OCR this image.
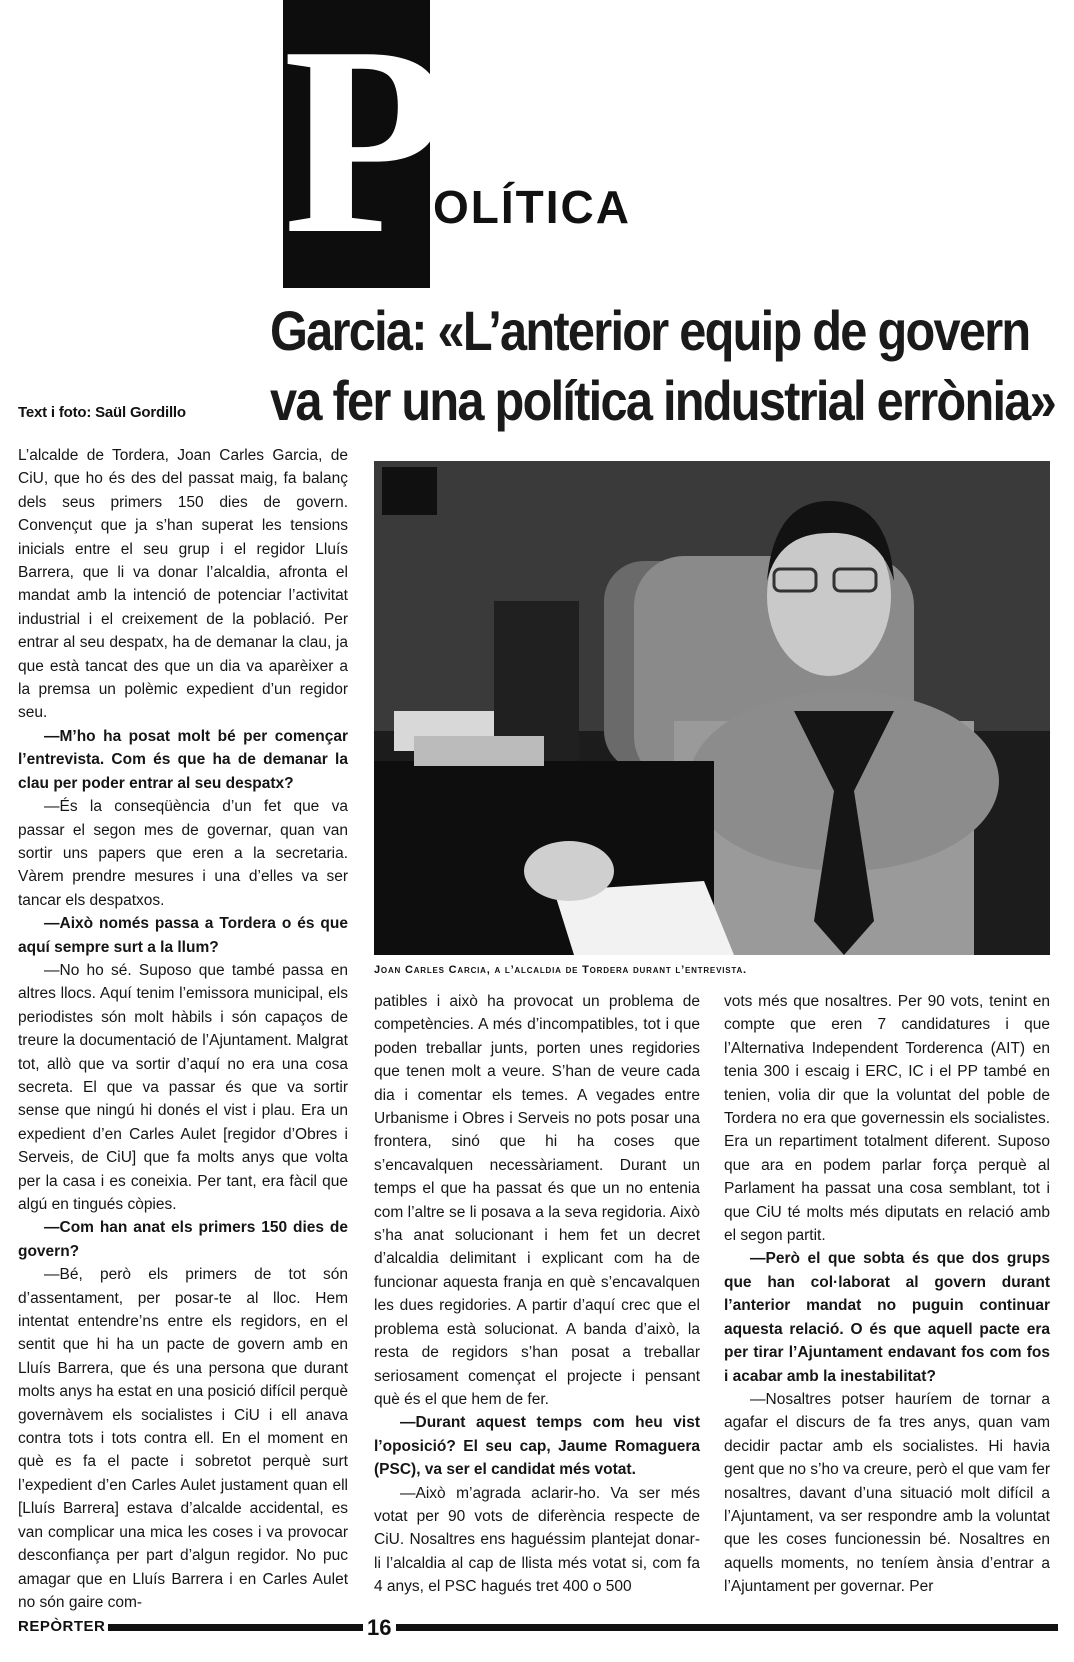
P
OLÍTICA
Garcia: «L’anterior equip de govern
va fer una política industrial errònia»
Text i foto: Saül Gordillo
Joan Carles Carcia, a l’alcaldia de Tordera durant l’entrevista.

L’alcalde de Tordera, Joan Carles Garcia, de CiU, que ho és des del passat maig, fa balanç dels seus primers 150 dies de govern. Convençut que ja s’han superat les tensions inicials entre el seu grup i el regidor Lluís Barrera, que li va donar l’alcaldia, afronta el mandat amb la intenció de potenciar l’activitat industrial i el creixement de la població. Per entrar al seu despatx, ha de demanar la clau, ja que està tancat des que un dia va aparèixer a la premsa un polèmic expedient d’un regidor seu.

—M’ho ha posat molt bé per començar l’entrevista. Com és que ha de demanar la clau per poder entrar al seu despatx?

—És la conseqüència d’un fet que va passar el segon mes de governar, quan van sortir uns papers que eren a la secretaria. Vàrem prendre mesures i una d’elles va ser tancar els despatxos.

—Això només passa a Tordera o és que aquí sempre surt a la llum?

—No ho sé. Suposo que també passa en altres llocs. Aquí tenim l’emissora municipal, els periodistes són molt hàbils i són capaços de treure la documentació de l’Ajuntament. Malgrat tot, allò que va sortir d’aquí no era una cosa secreta. El que va passar és que va sortir sense que ningú hi donés el vist i plau. Era un expedient d’en Carles Aulet [regidor d’Obres i Serveis, de CiU] que fa molts anys que volta per la casa i es coneixia. Per tant, era fàcil que algú en tingués còpies.

—Com han anat els primers 150 dies de govern?

—Bé, però els primers de tot són d’assentament, per posar-te al lloc. Hem intentat entendre’ns entre els regidors, en el sentit que hi ha un pacte de govern amb en Lluís Barrera, que és una persona que durant molts anys ha estat en una posició difícil perquè governàvem els socialistes i CiU i ell anava contra tots i tots contra ell. En el moment en què es fa el pacte i sobretot perquè surt l’expedient d’en Carles Aulet justament quan ell [Lluís Barrera] estava d’alcalde accidental, es van complicar una mica les coses i va provocar desconfiança per part d’algun regidor. No puc amagar que en Lluís Barrera i en Carles Aulet no són gaire com-

patibles i això ha provocat un problema de competències. A més d’incompatibles, tot i que poden treballar junts, porten unes regidories que tenen molt a veure. S’han de veure cada dia i comentar els temes. A vegades entre Urbanisme i Obres i Serveis no pots posar una frontera, sinó que hi ha coses que s’encavalquen necessàriament. Durant un temps el que ha passat és que un no entenia com l’altre se li posava a la seva regidoria. Això s’ha anat solucionant i hem fet un decret d’alcaldia delimitant i explicant com ha de funcionar aquesta franja en què s’encavalquen les dues regidories. A partir d’aquí crec que el problema està solucionat. A banda d’això, la resta de regidors s’han posat a treballar seriosament començat el projecte i pensant què és el que hem de fer.

—Durant aquest temps com heu vist l’oposició? El seu cap, Jaume Romaguera (PSC), va ser el candidat més votat.

—Això m’agrada aclarir-ho. Va ser més votat per 90 vots de diferència respecte de CiU. Nosaltres ens haguéssim plantejat donar-li l’alcaldia al cap de llista més votat si, com fa 4 anys, el PSC hagués tret 400 o 500

vots més que nosaltres. Per 90 vots, tenint en compte que eren 7 candidatures i que l’Alternativa Independent Torderenca (AIT) en tenia 300 i escaig i ERC, IC i el PP també en tenien, volia dir que la voluntat del poble de Tordera no era que governessin els socialistes. Era un repartiment totalment diferent. Suposo que ara en podem parlar força perquè al Parlament ha passat una cosa semblant, tot i que CiU té molts més diputats en relació amb el segon partit.

—Però el que sobta és que dos grups que han col·laborat al govern durant l’anterior mandat no puguin continuar aquesta relació. O és que aquell pacte era per tirar l’Ajuntament endavant fos com fos i acabar amb la inestabilitat?

—Nosaltres potser hauríem de tornar a agafar el discurs de fa tres anys, quan vam decidir pactar amb els socialistes. Hi havia gent que no s’ho va creure, però el que vam fer nosaltres, davant d’una situació molt difícil a l’Ajuntament, va ser respondre amb la voluntat que les coses funcionessin bé. Nosaltres en aquells moments, no teníem ànsia d’entrar a l’Ajuntament per governar. Per

REPÒRTER	16
